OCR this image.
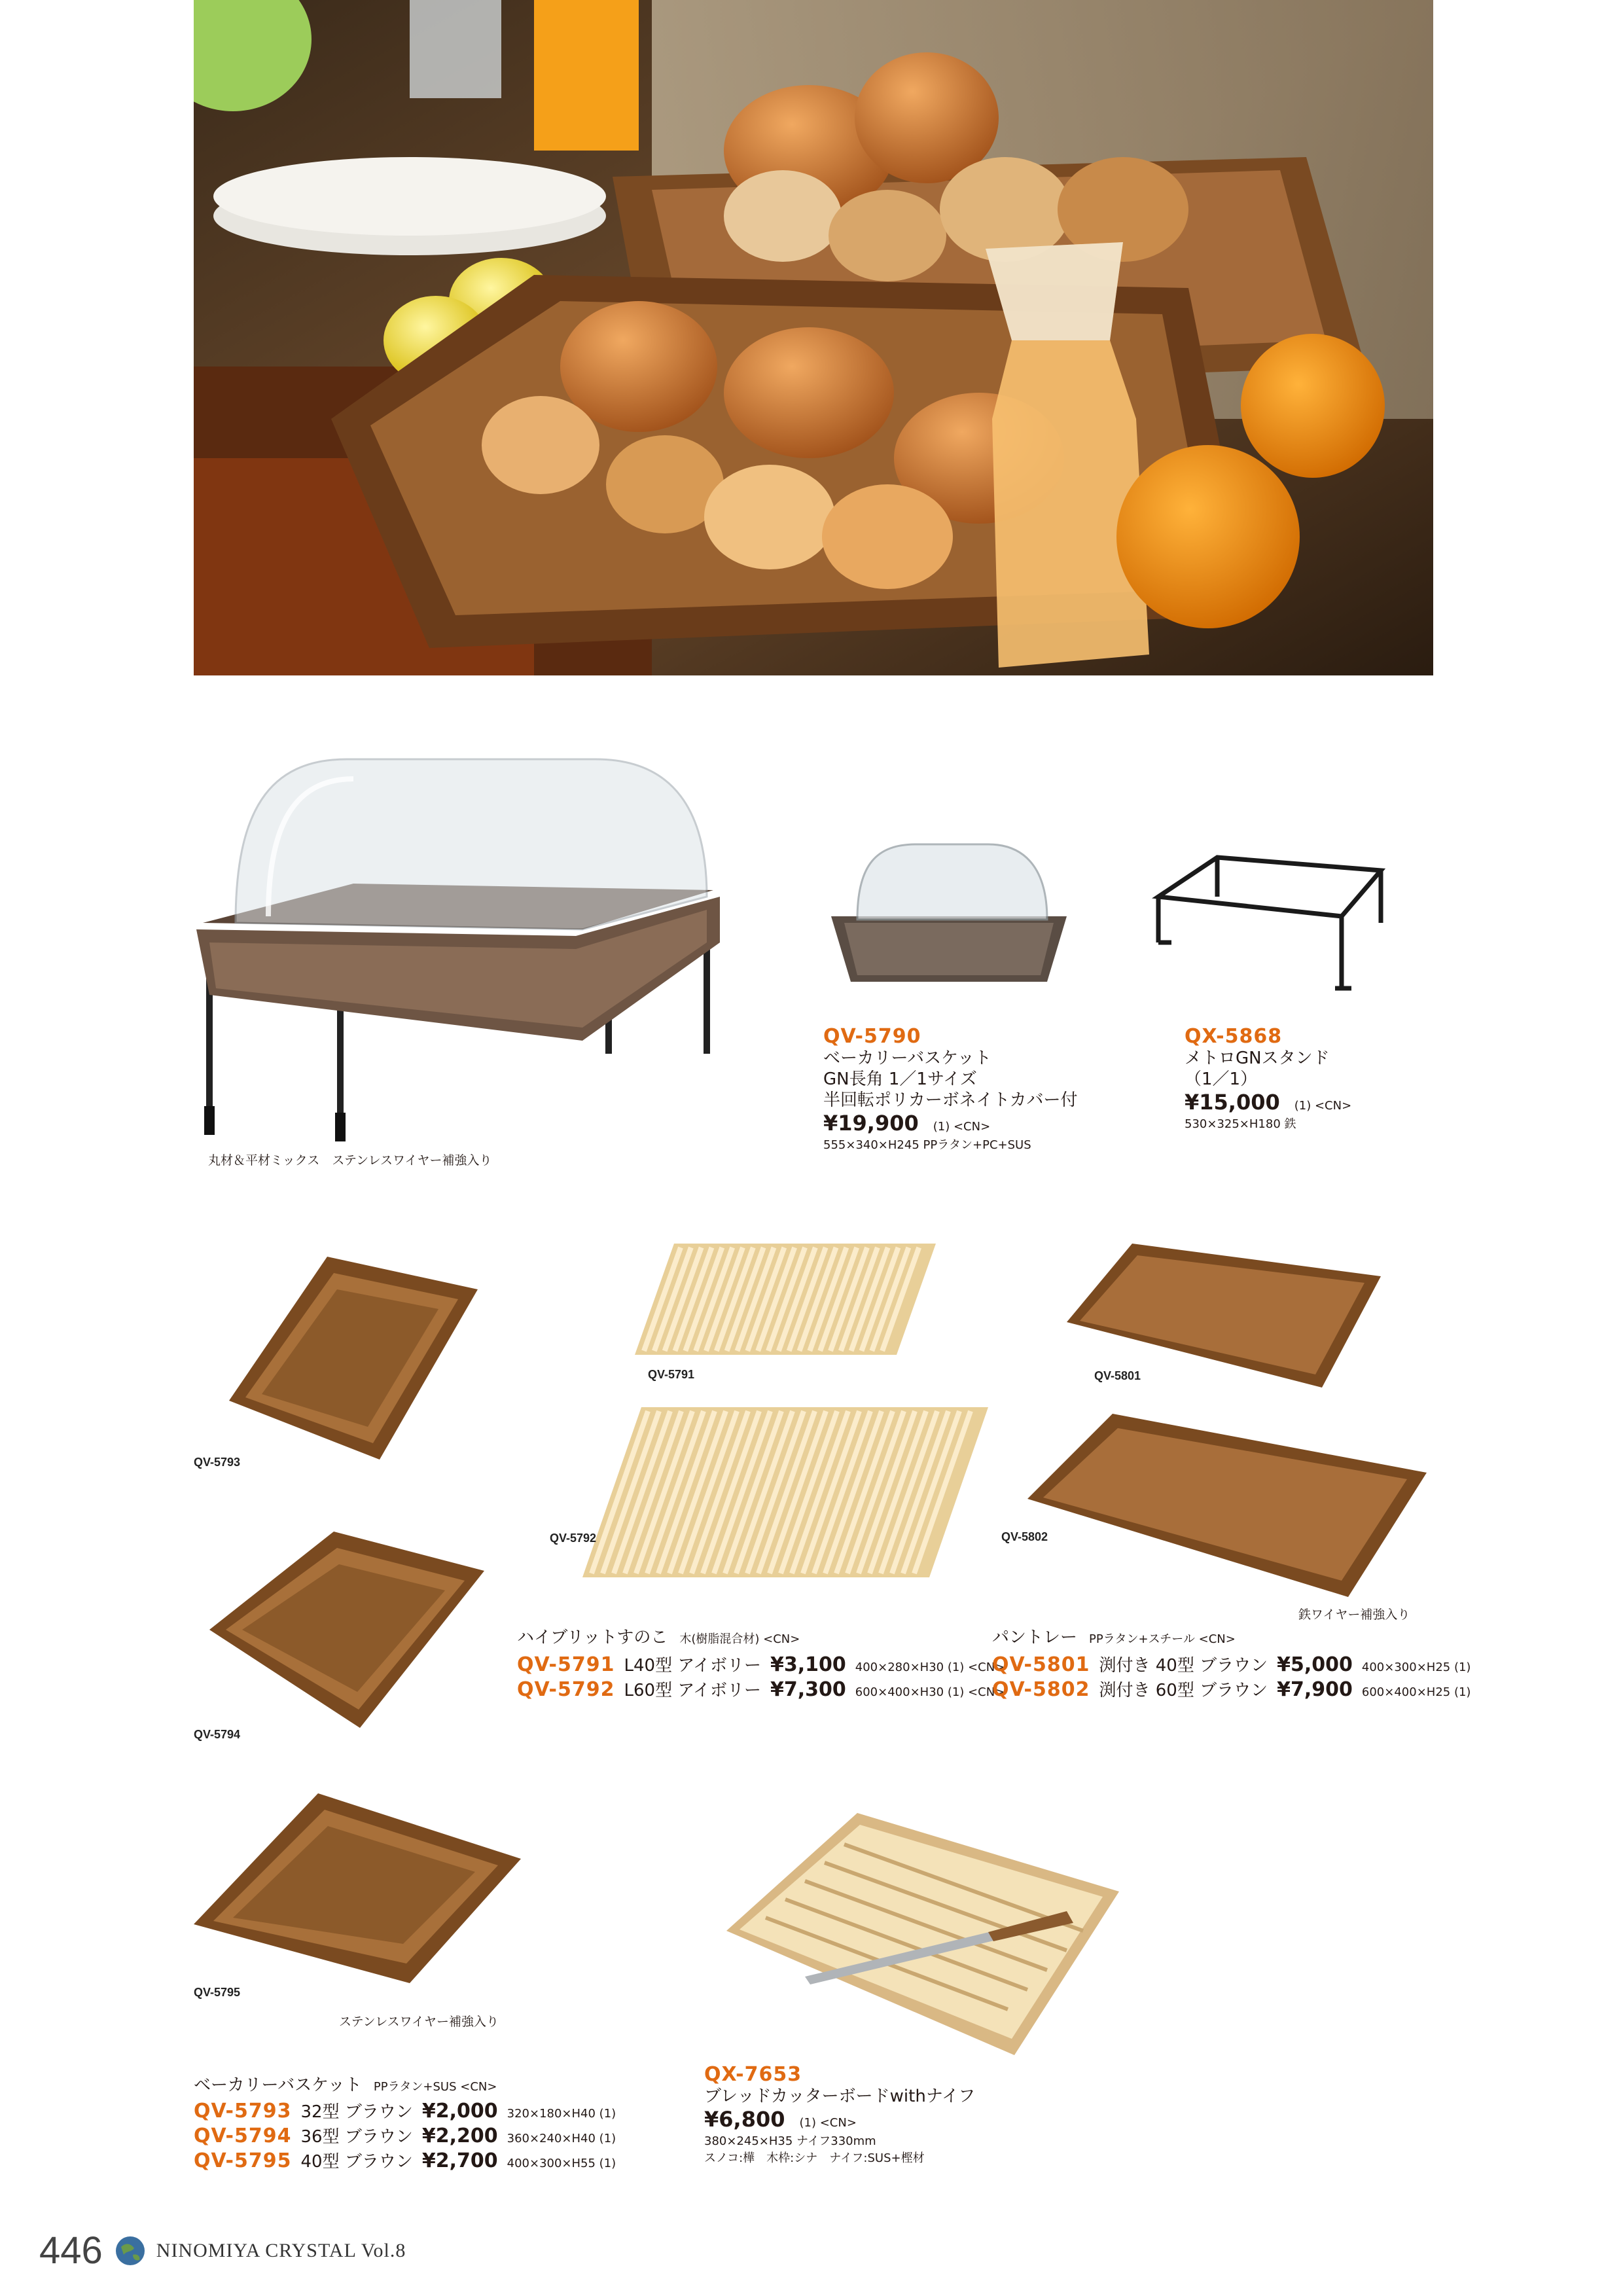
丸材＆平材ミックス　ステンレスワイヤー補強入り
QV-5790
ベーカリーバスケット
GN長角 1／1サイズ
半回転ポリカーボネイトカバー付
¥19,900 (1) <CN>
555×340×H245 PPラタン+PC+SUS
QX-5868
メトロGNスタンド
（1／1）
¥15,000 (1) <CN>
530×325×H180 鉄
QV-5793
QV-5794
QV-5795
ステンレスワイヤー補強入り
QV-5791
QV-5792
QV-5801
QV-5802
鉄ワイヤー補強入り
ハイブリットすのこ 木(樹脂混合材) <CN>
QV-5791 L40型 アイボリー ¥3,100 400×280×H30 (1) <CN>
QV-5792 L60型 アイボリー ¥7,300 600×400×H30 (1) <CN>
パントレー PPラタン+スチール <CN>
QV-5801 渕付き 40型 ブラウン ¥5,000 400×300×H25 (1)
QV-5802 渕付き 60型 ブラウン ¥7,900 600×400×H25 (1)
QX-7653
ブレッドカッターボードwithナイフ
¥6,800 (1) <CN>
380×245×H35 ナイフ330mm
スノコ:樺　木枠:シナ　ナイフ:SUS+樫材
ベーカリーバスケット PPラタン+SUS <CN>
QV-5793 32型 ブラウン ¥2,000 320×180×H40 (1)
QV-5794 36型 ブラウン ¥2,200 360×240×H40 (1)
QV-5795 40型 ブラウン ¥2,700 400×300×H55 (1)
446	NINOMIYA CRYSTAL Vol.8
